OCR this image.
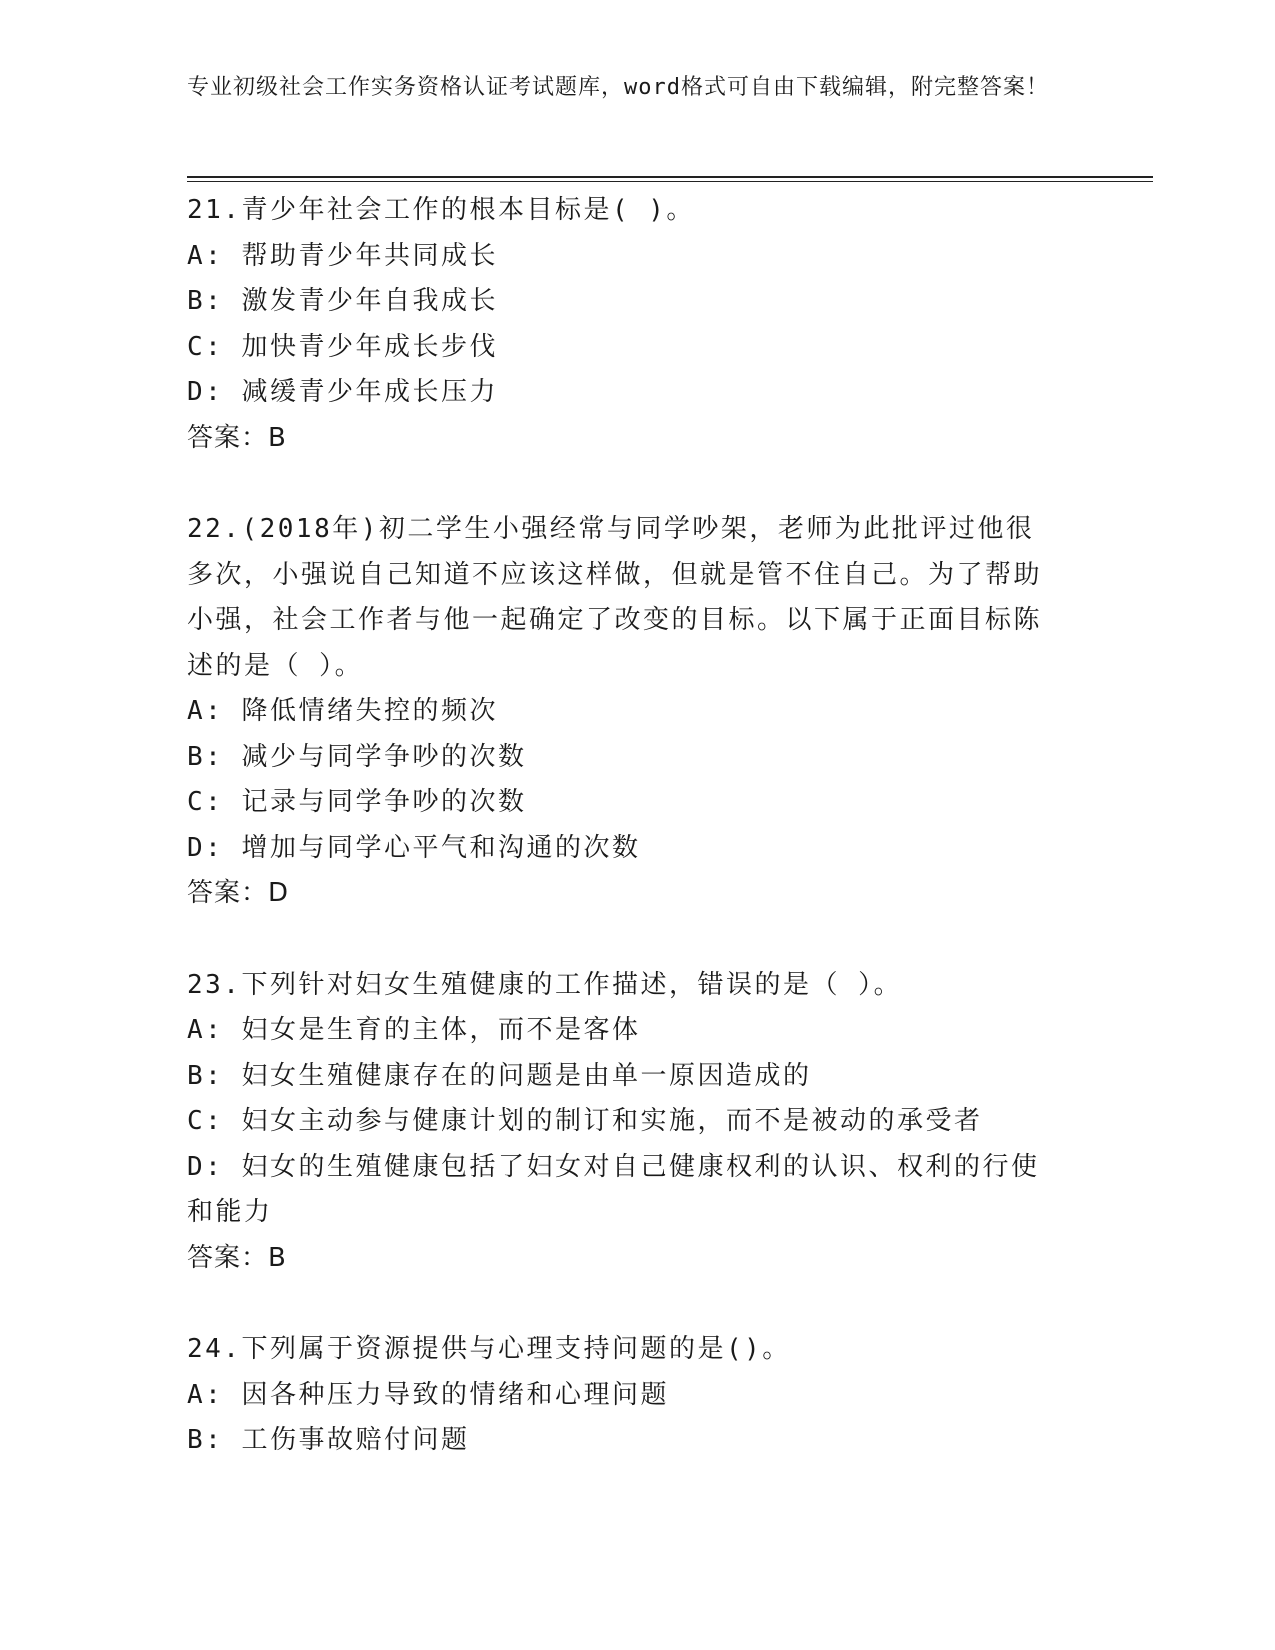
专业初级社会工作实务资格认证考试题库，word格式可自由下载编辑，附完整答案！
21.青少年社会工作的根本目标是( )。
A: 帮助青少年共同成长
B: 激发青少年自我成长
C: 加快青少年成长步伐
D: 减缓青少年成长压力
答案：B
22.(2018年)初二学生小强经常与同学吵架，老师为此批评过他很多次，小强说自己知道不应该这样做，但就是管不住自己。为了帮助小强，社会工作者与他一起确定了改变的目标。以下属于正面目标陈述的是（ ）。
A: 降低情绪失控的频次
B: 减少与同学争吵的次数
C: 记录与同学争吵的次数
D: 增加与同学心平气和沟通的次数
答案：D
23.下列针对妇女生殖健康的工作描述，错误的是（ ）。
A: 妇女是生育的主体，而不是客体
B: 妇女生殖健康存在的问题是由单一原因造成的
C: 妇女主动参与健康计划的制订和实施，而不是被动的承受者
D: 妇女的生殖健康包括了妇女对自己健康权利的认识、权利的行使和能力
答案：B
24.下列属于资源提供与心理支持问题的是()。
A: 因各种压力导致的情绪和心理问题
B: 工伤事故赔付问题
